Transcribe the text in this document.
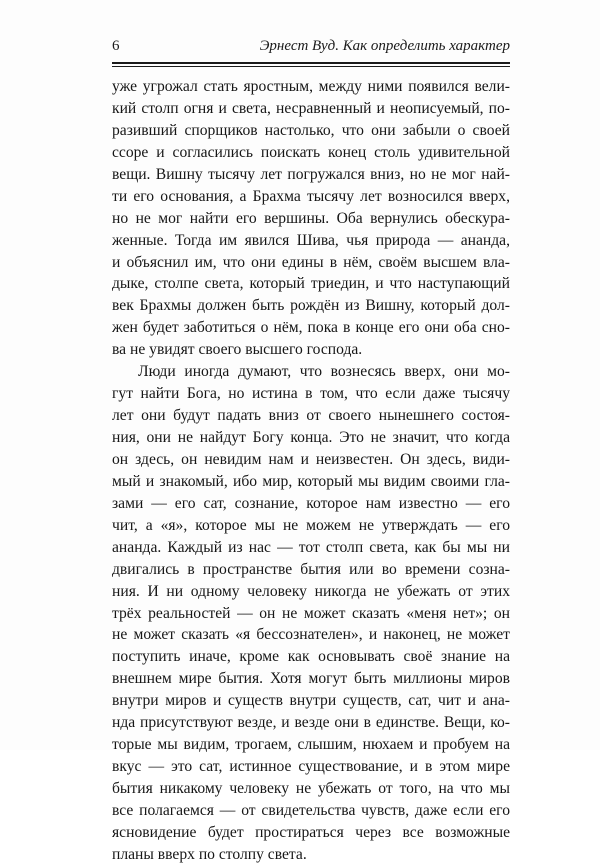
6	Эрнест Вуд. Как определить характер
уже угрожал стать яростным, между ними появился вели-
кий столп огня и света, несравненный и неописуемый, по-
разивший спорщиков настолько, что они забыли о своей
ссоре и согласились поискать конец столь удивительной
вещи. Вишну тысячу лет погружался вниз, но не мог най-
ти его основания, а Брахма тысячу лет возносился вверх,
но не мог найти его вершины. Оба вернулись обескура-
женные. Тогда им явился Шива, чья природа — ананда,
и объяснил им, что они едины в нём, своём высшем вла-
дыке, столпе света, который триедин, и что наступающий
век Брахмы должен быть рождён из Вишну, который дол-
жен будет заботиться о нём, пока в конце его они оба сно-
ва не увидят своего высшего господа.
Люди иногда думают, что вознесясь вверх, они мо-
гут найти Бога, но истина в том, что если даже тысячу
лет они будут падать вниз от своего нынешнего состоя-
ния, они не найдут Богу конца. Это не значит, что когда
он здесь, он невидим нам и неизвестен. Он здесь, види-
мый и знакомый, ибо мир, который мы видим своими гла-
зами — его сат, сознание, которое нам известно — его
чит, а «я», которое мы не можем не утверждать — его
ананда. Каждый из нас — тот столп света, как бы мы ни
двигались в пространстве бытия или во времени созна-
ния. И ни одному человеку никогда не убежать от этих
трёх реальностей — он не может сказать «меня нет»; он
не может сказать «я бессознателен», и наконец, не может
поступить иначе, кроме как основывать своё знание на
внешнем мире бытия. Хотя могут быть миллионы миров
внутри миров и существ внутри существ, сат, чит и ана-
нда присутствуют везде, и везде они в единстве. Вещи, ко-
торые мы видим, трогаем, слышим, нюхаем и пробуем на
вкус — это сат, истинное существование, и в этом мире
бытия никакому человеку не убежать от того, на что мы
все полагаемся — от свидетельства чувств, даже если его
ясновидение будет простираться через все возможные
планы вверх по столпу света.
